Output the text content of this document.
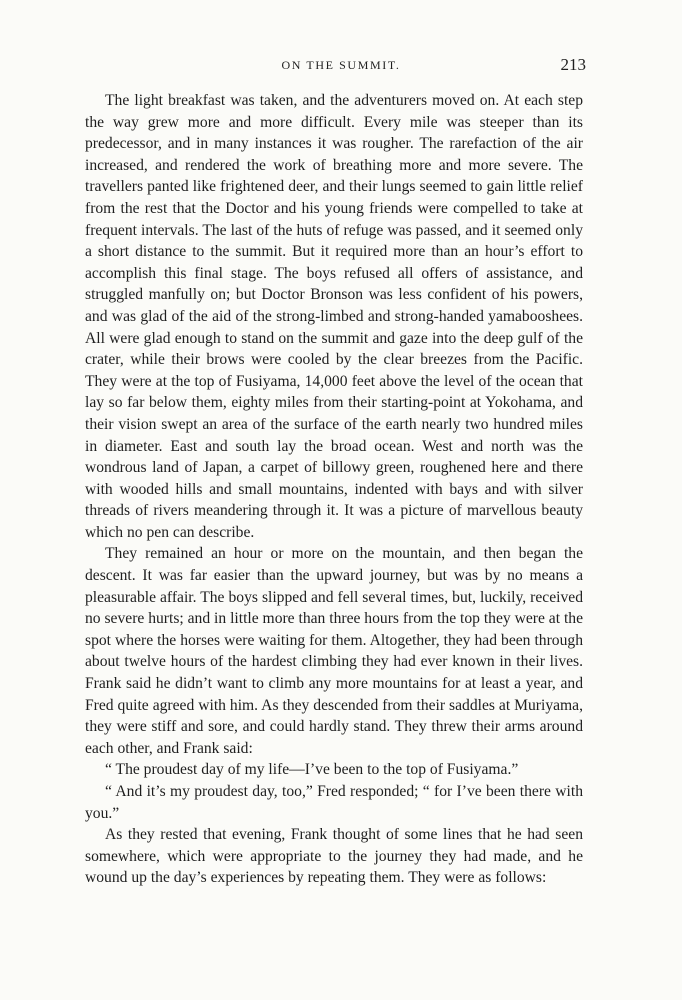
ON THE SUMMIT.	213

The light breakfast was taken, and the adventurers moved on. At each step the way grew more and more difficult. Every mile was steeper than its predecessor, and in many instances it was rougher. The rarefaction of the air increased, and rendered the work of breathing more and more severe. The travellers panted like frightened deer, and their lungs seemed to gain little relief from the rest that the Doctor and his young friends were compelled to take at frequent intervals. The last of the huts of refuge was passed, and it seemed only a short distance to the summit. But it required more than an hour’s effort to accomplish this final stage. The boys refused all offers of assistance, and struggled manfully on; but Doctor Bronson was less confident of his powers, and was glad of the aid of the strong-limbed and strong-handed yamabooshees. All were glad enough to stand on the summit and gaze into the deep gulf of the crater, while their brows were cooled by the clear breezes from the Pacific. They were at the top of Fusiyama, 14,000 feet above the level of the ocean that lay so far below them, eighty miles from their starting-point at Yokohama, and their vision swept an area of the surface of the earth nearly two hundred miles in diameter. East and south lay the broad ocean. West and north was the wondrous land of Japan, a carpet of billowy green, roughened here and there with wooded hills and small mountains, indented with bays and with silver threads of rivers meandering through it. It was a picture of marvellous beauty which no pen can describe.

They remained an hour or more on the mountain, and then began the descent. It was far easier than the upward journey, but was by no means a pleasurable affair. The boys slipped and fell several times, but, luckily, received no severe hurts; and in little more than three hours from the top they were at the spot where the horses were waiting for them. Altogether, they had been through about twelve hours of the hardest climbing they had ever known in their lives. Frank said he didn’t want to climb any more mountains for at least a year, and Fred quite agreed with him. As they descended from their saddles at Muriyama, they were stiff and sore, and could hardly stand. They threw their arms around each other, and Frank said:

“ The proudest day of my life—I’ve been to the top of Fusiyama.”

“ And it’s my proudest day, too,” Fred responded; “ for I’ve been there with you.”

As they rested that evening, Frank thought of some lines that he had seen somewhere, which were appropriate to the journey they had made, and he wound up the day’s experiences by repeating them. They were as follows:
